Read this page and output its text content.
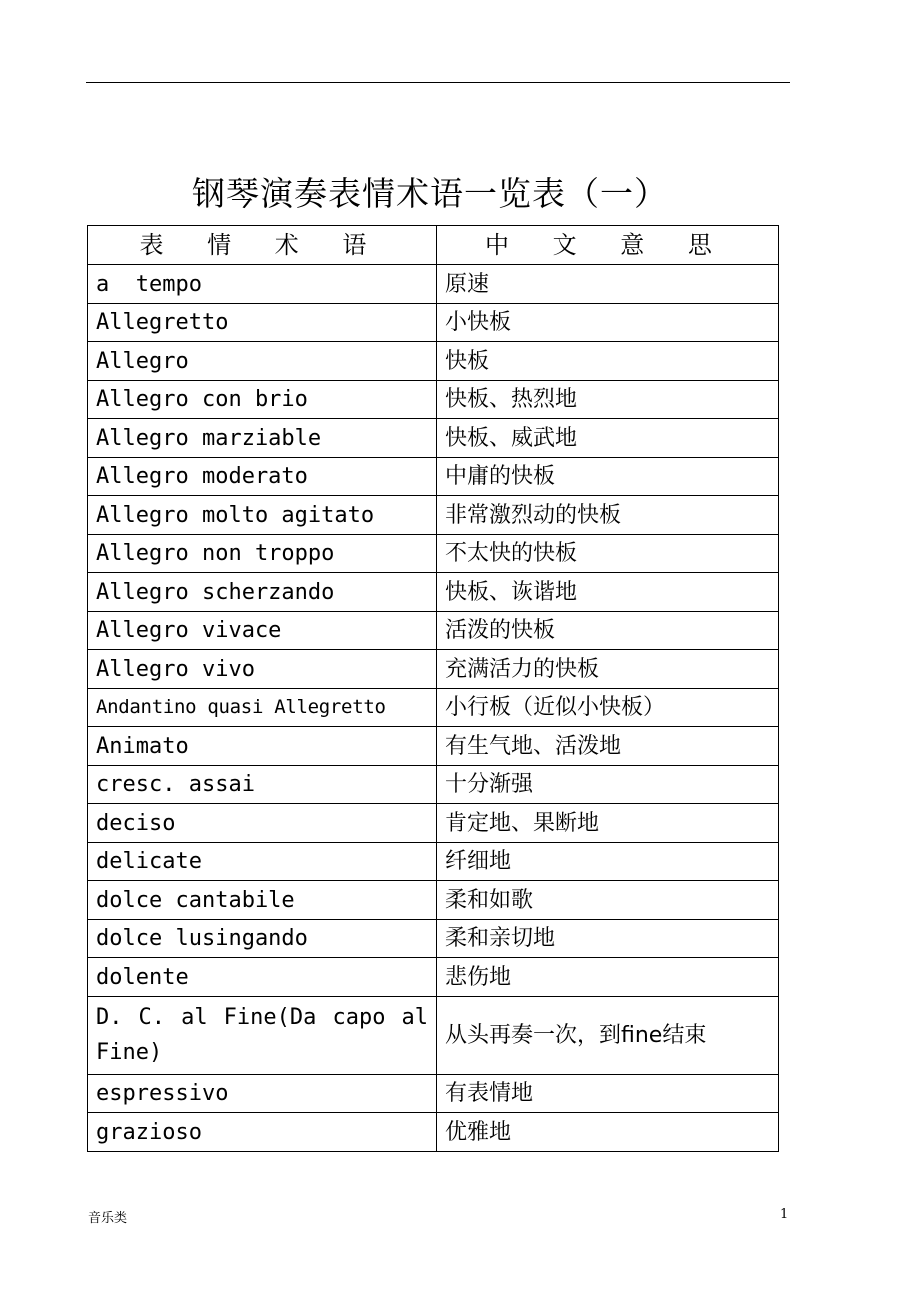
钢琴演奏表情术语一览表（一）
表 情 术 语	中 文 意 思
a  tempo	原速
Allegretto	小快板
Allegro	快板
Allegro con brio	快板、热烈地
Allegro marziable	快板、威武地
Allegro moderato	中庸的快板
Allegro molto agitato	非常激烈动的快板
Allegro non troppo	不太快的快板
Allegro scherzando	快板、诙谐地
Allegro vivace	活泼的快板
Allegro vivo	充满活力的快板
Andantino quasi Allegretto	小行板（近似小快板）
Animato	有生气地、活泼地
cresc. assai	十分渐强
deciso	肯定地、果断地
delicate	纤细地
dolce cantabile	柔和如歌
dolce lusingando	柔和亲切地
dolente	悲伤地
D. C. al Fine(Da capo al Fine)	从头再奏一次，到fine结束
espressivo	有表情地
grazioso	优雅地
音乐类	1
